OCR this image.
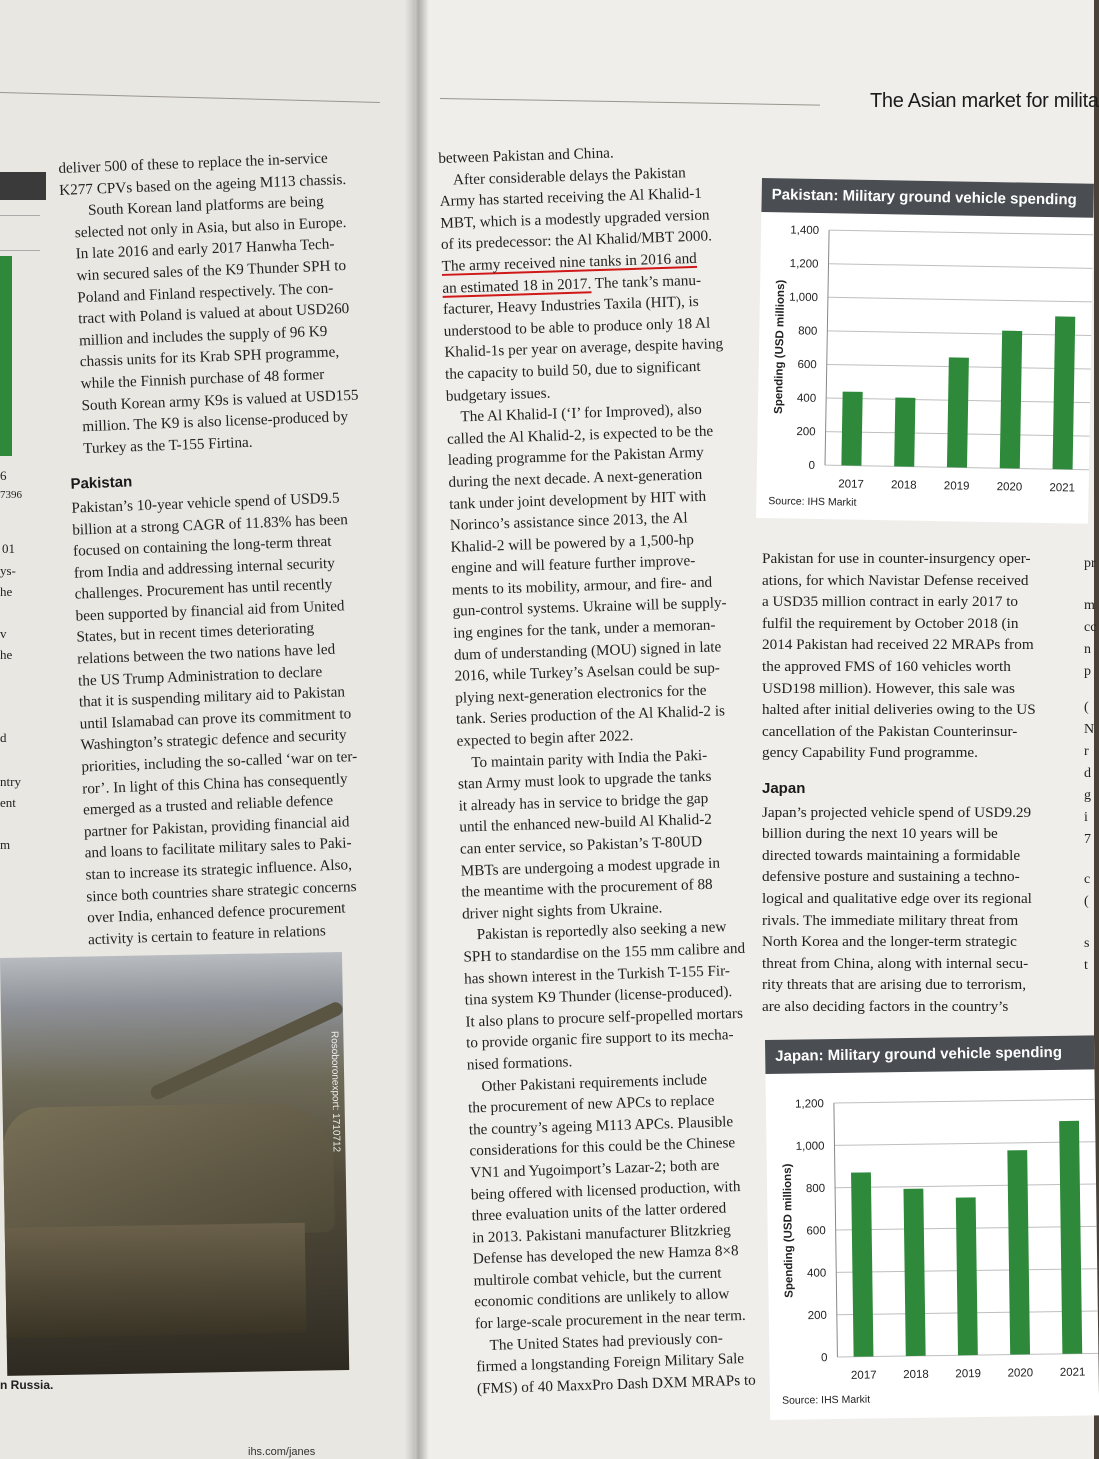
The Asian market for milita
6
7396
01
ys-
he
v
he
d
ntry
ent
m
deliver 500 of these to replace the in-service
K277 CPVs based on the ageing M113 chassis.
South Korean land platforms are being
selected not only in Asia, but also in Europe.
In late 2016 and early 2017 Hanwha Tech-
win secured sales of the K9 Thunder SPH to
Poland and Finland respectively. The con-
tract with Poland is valued at about USD260
million and includes the supply of 96 K9
chassis units for its Krab SPH programme,
while the Finnish purchase of 48 former
South Korean army K9s is valued at USD155
million. The K9 is also license-produced by
Turkey as the T-155 Firtina.
Pakistan
Pakistan’s 10-year vehicle spend of USD9.5
billion at a strong CAGR of 11.83% has been
focused on containing the long-term threat
from India and addressing internal security
challenges. Procurement has until recently
been supported by financial aid from United
States, but in recent times deteriorating
relations between the two nations have led
the US Trump Administration to declare
that it is suspending military aid to Pakistan
until Islamabad can prove its commitment to
Washington’s strategic defence and security
priorities, including the so-called ‘war on ter-
ror’. In light of this China has consequently
emerged as a trusted and reliable defence
partner for Pakistan, providing financial aid
and loans to facilitate military sales to Paki-
stan to increase its strategic influence. Also,
since both countries share strategic concerns
over India, enhanced defence procurement
activity is certain to feature in relations
Rosoboronexport: 1710712
n Russia.
ihs.com/janes
between Pakistan and China.
After considerable delays the Pakistan
Army has started receiving the Al Khalid-1
MBT, which is a modestly upgraded version
of its predecessor: the Al Khalid/MBT 2000.
The army received nine tanks in 2016 and
an estimated 18 in 2017. The tank’s manu-
facturer, Heavy Industries Taxila (HIT), is
understood to be able to produce only 18 Al
Khalid-1s per year on average, despite having
the capacity to build 50, due to significant
budgetary issues.
The Al Khalid-I (‘I’ for Improved), also
called the Al Khalid-2, is expected to be the
leading programme for the Pakistan Army
during the next decade. A next-generation
tank under joint development by HIT with
Norinco’s assistance since 2013, the Al
Khalid-2 will be powered by a 1,500-hp
engine and will feature further improve-
ments to its mobility, armour, and fire- and
gun-control systems. Ukraine will be supply-
ing engines for the tank, under a memoran-
dum of understanding (MOU) signed in late
2016, while Turkey’s Aselsan could be sup-
plying next-generation electronics for the
tank. Series production of the Al Khalid-2 is
expected to begin after 2022.
To maintain parity with India the Paki-
stan Army must look to upgrade the tanks
it already has in service to bridge the gap
until the enhanced new-build Al Khalid-2
can enter service, so Pakistan’s T-80UD
MBTs are undergoing a modest upgrade in
the meantime with the procurement of 88
driver night sights from Ukraine.
Pakistan is reportedly also seeking a new
SPH to standardise on the 155 mm calibre and
has shown interest in the Turkish T-155 Fir-
tina system K9 Thunder (license-produced).
It also plans to procure self-propelled mortars
to provide organic fire support to its mecha-
nised formations.
Other Pakistani requirements include
the procurement of new APCs to replace
the country’s ageing M113 APCs. Plausible
considerations for this could be the Chinese
VN1 and Yugoimport’s Lazar-2; both are
being offered with licensed production, with
three evaluation units of the latter ordered
in 2013. Pakistani manufacturer Blitzkrieg
Defense has developed the new Hamza 8×8
multirole combat vehicle, but the current
economic conditions are unlikely to allow
for large-scale procurement in the near term.
The United States had previously con-
firmed a longstanding Foreign Military Sale
(FMS) of 40 MaxxPro Dash DXM MRAPs to
Pakistan: Military ground vehicle spending
0
200
400
600
800
1,000
1,200
1,400
2017 2018 2019 2020 2021
Spending (USD millions)
Source: IHS Markit
Pakistan for use in counter-insurgency oper-
ations, for which Navistar Defense received
a USD35 million contract in early 2017 to
fulfil the requirement by October 2018 (in
2014 Pakistan had received 22 MRAPs from
the approved FMS of 160 vehicles worth
USD198 million). However, this sale was
halted after initial deliveries owing to the US
cancellation of the Pakistan Counterinsur-
gency Capability Fund programme.
Japan
Japan’s projected vehicle spend of USD9.29
billion during the next 10 years will be
directed towards maintaining a formidable
defensive posture and sustaining a techno-
logical and qualitative edge over its regional
rivals. The immediate military threat from
North Korea and the longer-term strategic
threat from China, along with internal secu-
rity threats that are arising due to terrorism,
are also deciding factors in the country’s
Japan: Military ground vehicle spending
0
200
400
600
800
1,000
1,200
2017 2018 2019 2020 2021
Spending (USD millions)
Source: IHS Markit
pr
m
cc
n
p
(
N
r
d
g
i
7
c
(
s
t
